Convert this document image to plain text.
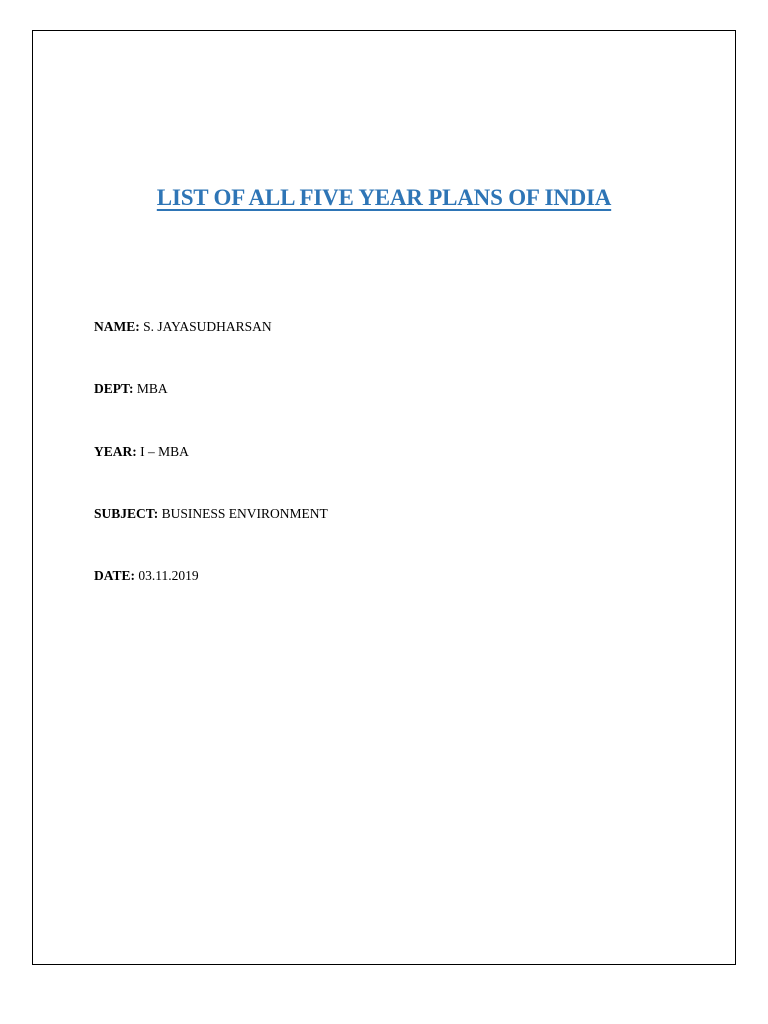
LIST OF ALL FIVE YEAR PLANS OF INDIA
NAME: S. JAYASUDHARSAN
DEPT: MBA
YEAR: I – MBA
SUBJECT: BUSINESS ENVIRONMENT
DATE: 03.11.2019
